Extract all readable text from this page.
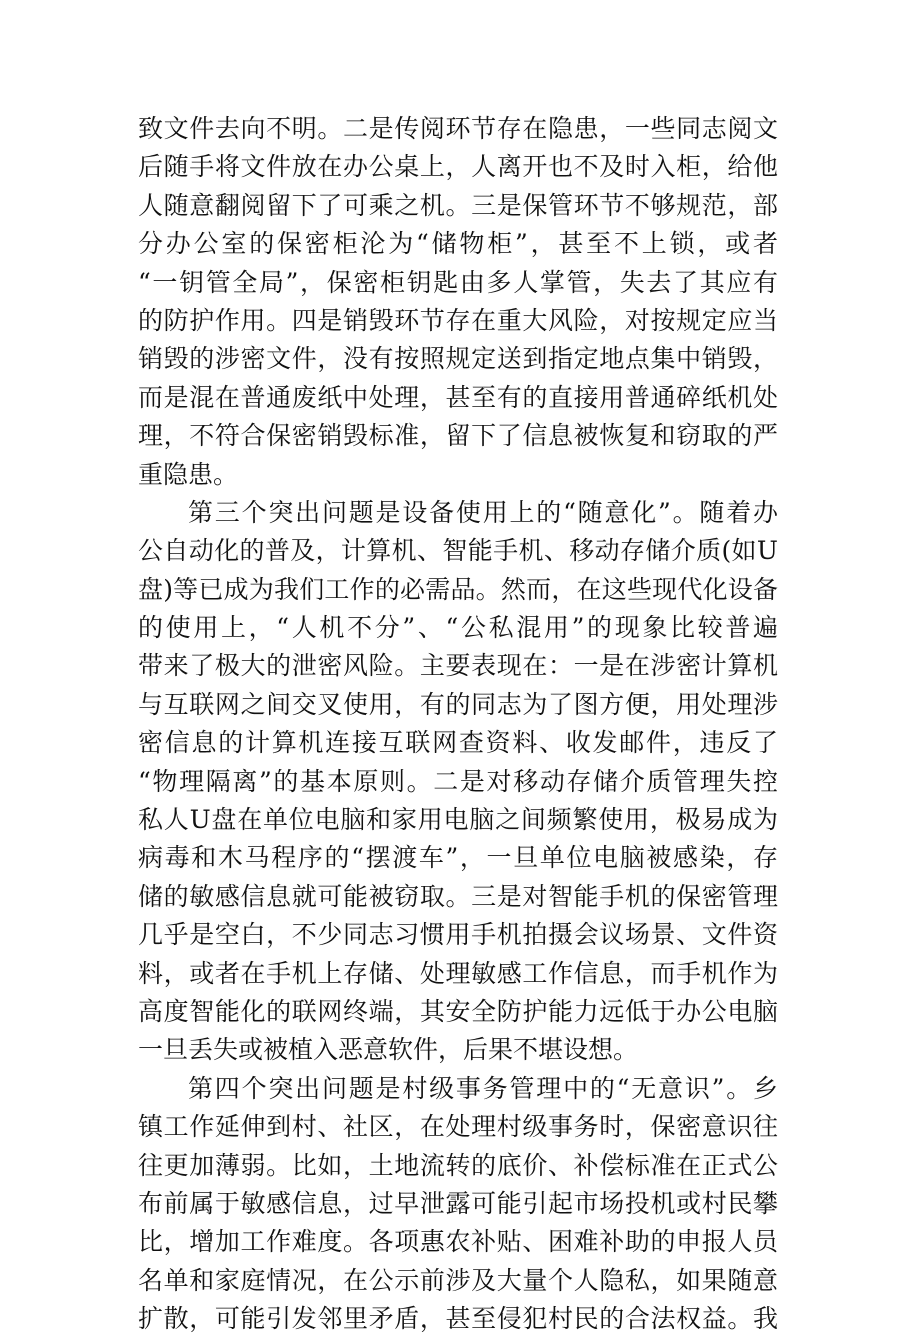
致文件去向不明。二是传阅环节存在隐患，一些同志阅文
后随手将文件放在办公桌上，人离开也不及时入柜，给他
人随意翻阅留下了可乘之机。三是保管环节不够规范，部
分办公室的保密柜沦为“储物柜”，甚至不上锁，或者
“一钥管全局”，保密柜钥匙由多人掌管，失去了其应有
的防护作用。四是销毁环节存在重大风险，对按规定应当
销毁的涉密文件，没有按照规定送到指定地点集中销毁，
而是混在普通废纸中处理，甚至有的直接用普通碎纸机处
理，不符合保密销毁标准，留下了信息被恢复和窃取的严
重隐患。
第三个突出问题是设备使用上的“随意化”。随着办
公自动化的普及，计算机、智能手机、移动存储介质(如U
盘)等已成为我们工作的必需品。然而，在这些现代化设备
的使用上，“人机不分”、“公私混用”的现象比较普遍
带来了极大的泄密风险。主要表现在：一是在涉密计算机
与互联网之间交叉使用，有的同志为了图方便，用处理涉
密信息的计算机连接互联网查资料、收发邮件，违反了
“物理隔离”的基本原则。二是对移动存储介质管理失控
私人U盘在单位电脑和家用电脑之间频繁使用，极易成为
病毒和木马程序的“摆渡车”，一旦单位电脑被感染，存
储的敏感信息就可能被窃取。三是对智能手机的保密管理
几乎是空白，不少同志习惯用手机拍摄会议场景、文件资
料，或者在手机上存储、处理敏感工作信息，而手机作为
高度智能化的联网终端，其安全防护能力远低于办公电脑
一旦丢失或被植入恶意软件，后果不堪设想。
第四个突出问题是村级事务管理中的“无意识”。乡
镇工作延伸到村、社区，在处理村级事务时，保密意识往
往更加薄弱。比如，土地流转的底价、补偿标准在正式公
布前属于敏感信息，过早泄露可能引起市场投机或村民攀
比，增加工作难度。各项惠农补贴、困难补助的申报人员
名单和家庭情况，在公示前涉及大量个人隐私，如果随意
扩散，可能引发邻里矛盾，甚至侵犯村民的合法权益。我
